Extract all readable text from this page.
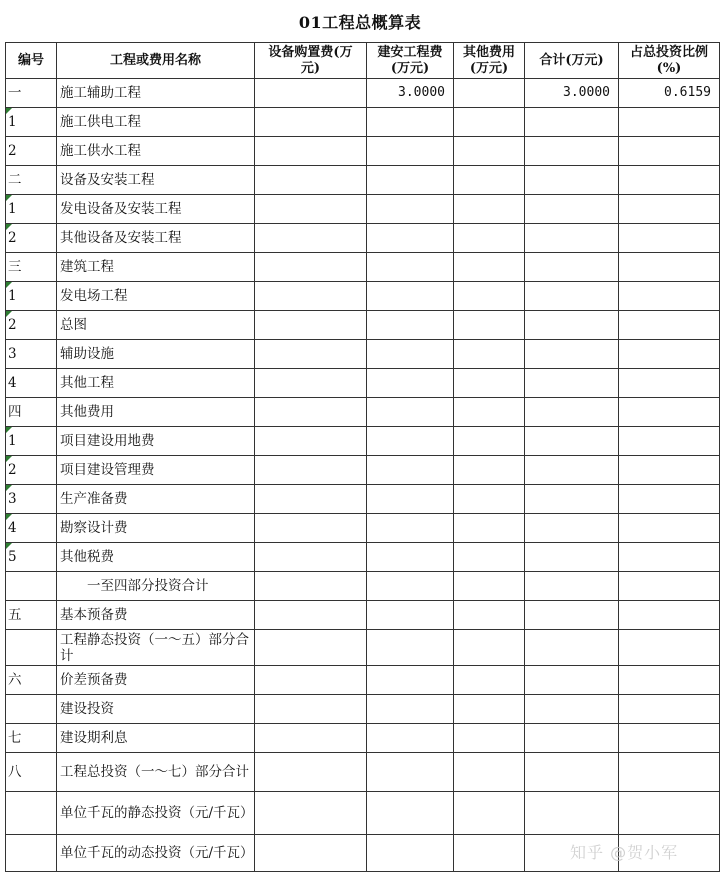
01工程总概算表
编号	工程或费用名称	设备购置费(万元)	建安工程费(万元)	其他费用(万元)	合计(万元)	占总投资比例(%)
一	施工辅助工程		3.0000		3.0000	0.6159
1	施工供电工程					
2	施工供水工程					
二	设备及安装工程					
1	发电设备及安装工程					
2	其他设备及安装工程					
三	建筑工程					
1	发电场工程					
2	总图					
3	辅助设施					
4	其他工程					
四	其他费用					
1	项目建设用地费					
2	项目建设管理费					
3	生产准备费					
4	勘察设计费					
5	其他税费					
	一至四部分投资合计					
五	基本预备费					
	工程静态投资（一～五）部分合计					
六	价差预备费					
	建设投资					
七	建设期利息					
八	工程总投资（一～七）部分合计					
	单位千瓦的静态投资（元/千瓦）					
	单位千瓦的动态投资（元/千瓦）						知乎 @贺小军
